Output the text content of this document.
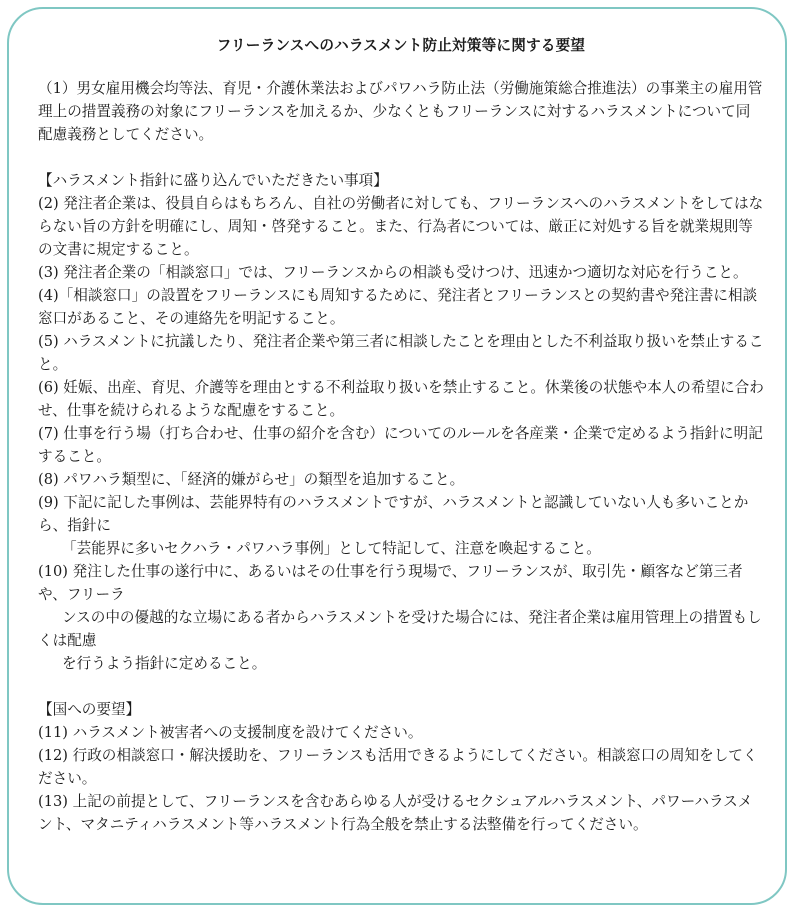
フリーランスへのハラスメント防止対策等に関する要望

（1）男女雇用機会均等法、育児・介護休業法およびパワハラ防止法（労働施策総合推進法）の事業主の雇用管理上の措置義務の対象にフリーランスを加えるか、少なくともフリーランスに対するハラスメントについて同配慮義務としてください。

【ハラスメント指針に盛り込んでいただきたい事項】

(2) 発注者企業は、役員自らはもちろん、自社の労働者に対しても、フリーランスへのハラスメントをしてはならない旨の方針を明確にし、周知・啓発すること。また、行為者については、厳正に対処する旨を就業規則等の文書に規定すること。

(3) 発注者企業の「相談窓口」では、フリーランスからの相談も受けつけ、迅速かつ適切な対応を行うこと。

(4)「相談窓口」の設置をフリーランスにも周知するために、発注者とフリーランスとの契約書や発注書に相談窓口があること、その連絡先を明記すること。

(5) ハラスメントに抗議したり、発注者企業や第三者に相談したことを理由とした不利益取り扱いを禁止すること。

(6) 妊娠、出産、育児、介護等を理由とする不利益取り扱いを禁止すること。休業後の状態や本人の希望に合わせ、仕事を続けられるような配慮をすること。

(7) 仕事を行う場（打ち合わせ、仕事の紹介を含む）についてのルールを各産業・企業で定めるよう指針に明記すること。

(8) パワハラ類型に、「経済的嫌がらせ」の類型を追加すること。

(9) 下記に記した事例は、芸能界特有のハラスメントですが、ハラスメントと認識していない人も多いことから、指針に

「芸能界に多いセクハラ・パワハラ事例」として特記して、注意を喚起すること。

(10) 発注した仕事の遂行中に、あるいはその仕事を行う現場で、フリーランスが、取引先・顧客など第三者や、フリーラ

ンスの中の優越的な立場にある者からハラスメントを受けた場合には、発注者企業は雇用管理上の措置もしくは配慮

を行うよう指針に定めること。

【国への要望】

(11) ハラスメント被害者への支援制度を設けてください。

(12) 行政の相談窓口・解決援助を、フリーランスも活用できるようにしてください。相談窓口の周知をしてください。

(13) 上記の前提として、フリーランスを含むあらゆる人が受けるセクシュアルハラスメント、パワーハラスメント、マタニティハラスメント等ハラスメント行為全般を禁止する法整備を行ってください。
